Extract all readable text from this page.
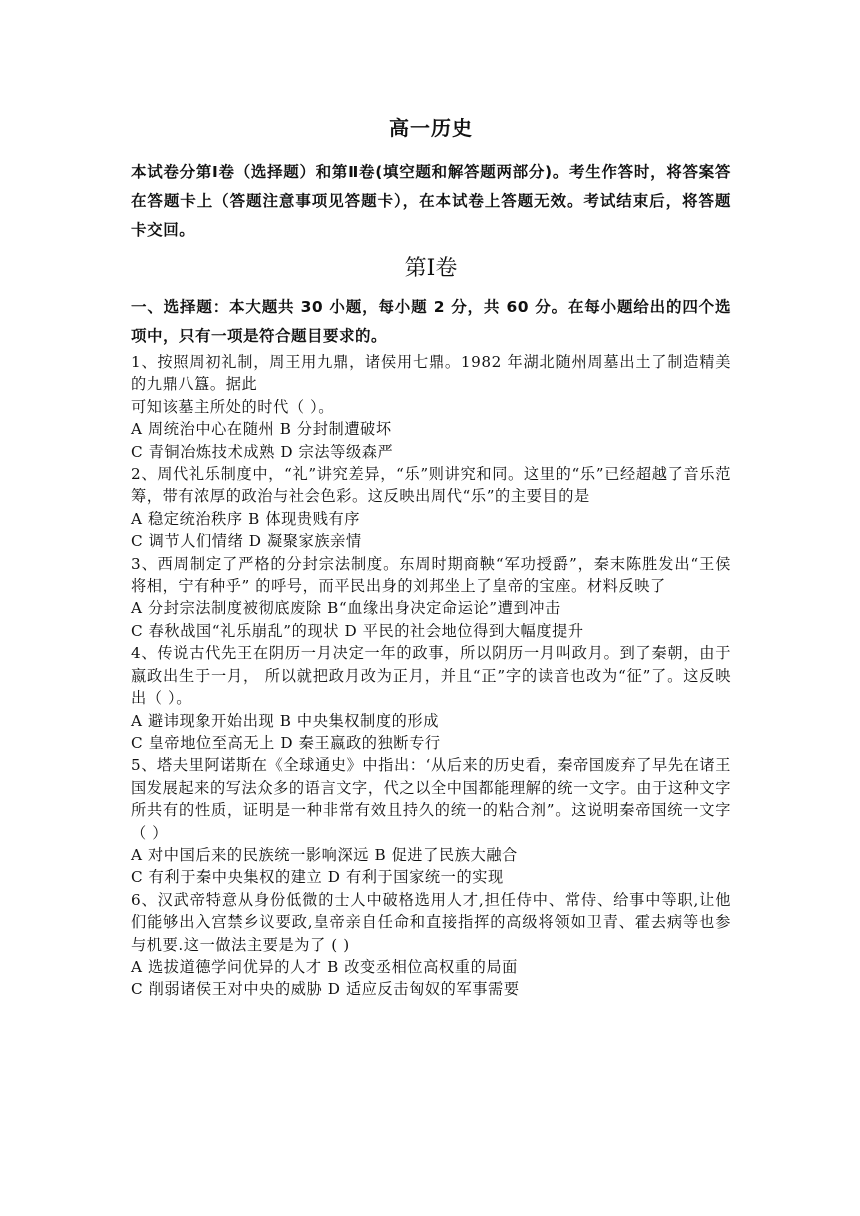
高一历史

本试卷分第Ⅰ卷（选择题）和第Ⅱ卷(填空题和解答题两部分)。考生作答时，将答案答在答题卡上（答题注意事项见答题卡），在本试卷上答题无效。考试结束后，将答题卡交回。

第Ⅰ卷

一、选择题：本大题共 30 小题，每小题 2 分，共 60 分。在每小题给出的四个选项中，只有一项是符合题目要求的。

1、按照周初礼制，周王用九鼎，诸侯用七鼎。1982 年湖北随州周墓出土了制造精美的九鼎八簋。据此

可知该墓主所处的时代（ ）。

A 周统治中心在随州 B 分封制遭破坏

C 青铜冶炼技术成熟 D 宗法等级森严

2、周代礼乐制度中，“礼”讲究差异，“乐”则讲究和同。这里的“乐”已经超越了音乐范筹，带有浓厚的政治与社会色彩。这反映出周代“乐”的主要目的是

A 稳定统治秩序 B 体现贵贱有序

C 调节人们情绪 D 凝聚家族亲情

3、西周制定了严格的分封宗法制度。东周时期商鞅“军功授爵”，秦末陈胜发出“王侯将相，宁有种乎” 的呼号，而平民出身的刘邦坐上了皇帝的宝座。材料反映了

A 分封宗法制度被彻底废除 B“血缘出身决定命运论”遭到冲击

C 春秋战国“礼乐崩乱”的现状 D 平民的社会地位得到大幅度提升

4、传说古代先王在阴历一月决定一年的政事，所以阴历一月叫政月。到了秦朝，由于嬴政出生于一月， 所以就把政月改为正月，并且“正”字的读音也改为“征”了。这反映出（ ）。

A 避讳现象开始出现 B 中央集权制度的形成

C 皇帝地位至高无上 D 秦王嬴政的独断专行

5、塔夫里阿诺斯在《全球通史》中指出：‘从后来的历史看，秦帝国废弃了早先在诸王国发展起来的写法众多的语言文字，代之以全中国都能理解的统一文字。由于这种文字所共有的性质，证明是一种非常有效且持久的统一的粘合剂”。这说明秦帝国统一文字（ ）

A 对中国后来的民族统一影响深远 B 促进了民族大融合

C 有利于秦中央集权的建立 D 有利于国家统一的实现

6、汉武帝特意从身份低微的士人中破格选用人才,担任侍中、常侍、给事中等职,让他们能够出入宫禁乡议要政,皇帝亲自任命和直接指挥的高级将领如卫青、霍去病等也参与机要.这一做法主要是为了 ( )

A 选拔道德学问优异的人才 B 改变丞相位高权重的局面

C 削弱诸侯王对中央的威胁 D 适应反击匈奴的军事需要
